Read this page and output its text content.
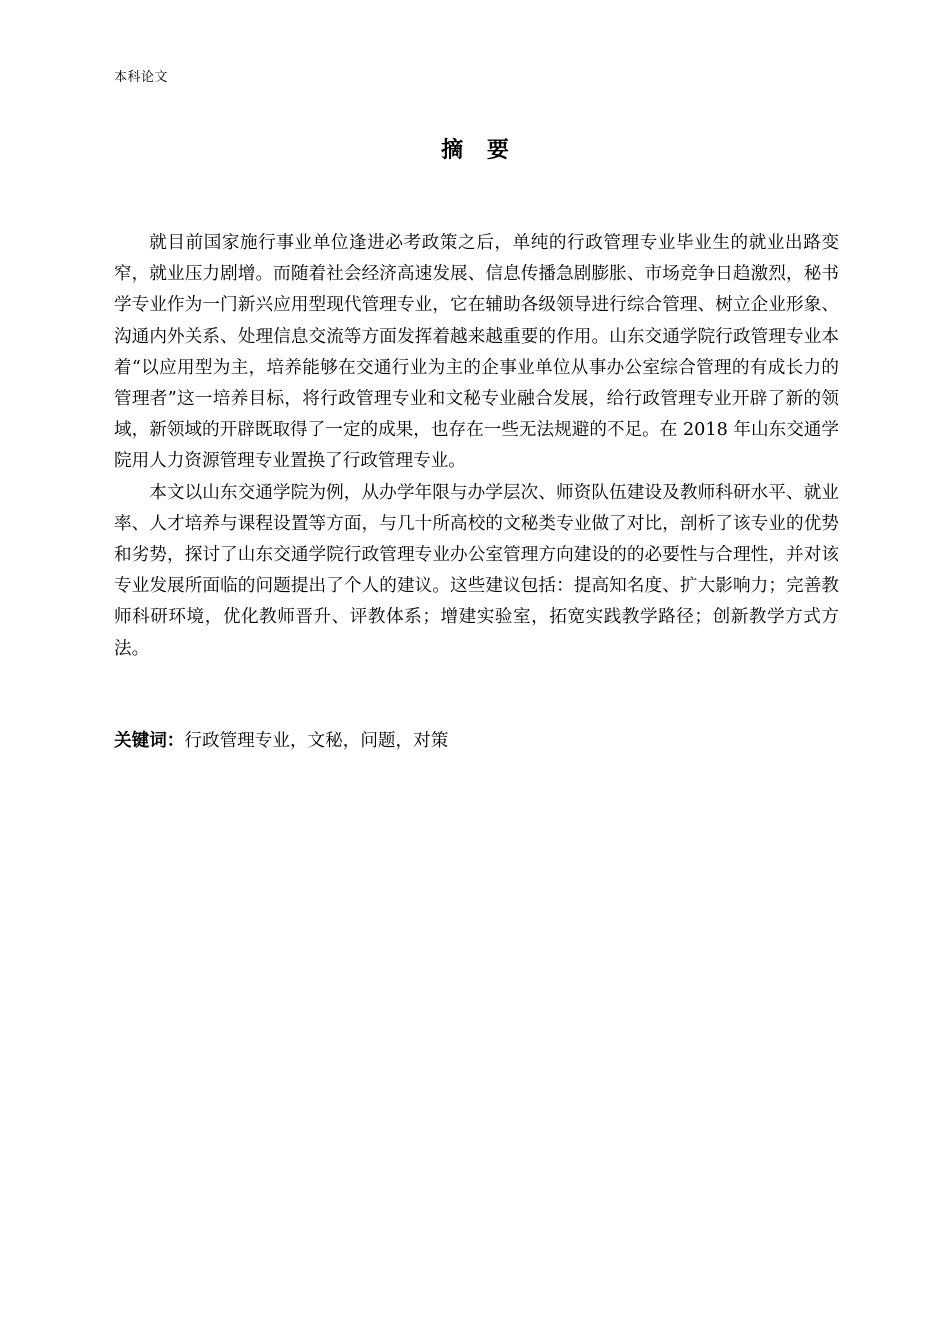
本科论文
摘 要

就目前国家施行事业单位逢进必考政策之后，单纯的行政管理专业毕业生的就业出路变窄，就业压力剧增。而随着社会经济高速发展、信息传播急剧膨胀、市场竞争日趋激烈，秘书学专业作为一门新兴应用型现代管理专业，它在辅助各级领导进行综合管理、树立企业形象、沟通内外关系、处理信息交流等方面发挥着越来越重要的作用。山东交通学院行政管理专业本着“以应用型为主，培养能够在交通行业为主的企事业单位从事办公室综合管理的有成长力的管理者”这一培养目标，将行政管理专业和文秘专业融合发展，给行政管理专业开辟了新的领域，新领域的开辟既取得了一定的成果，也存在一些无法规避的不足。在 2018 年山东交通学院用人力资源管理专业置换了行政管理专业。

本文以山东交通学院为例，从办学年限与办学层次、师资队伍建设及教师科研水平、就业率、人才培养与课程设置等方面，与几十所高校的文秘类专业做了对比，剖析了该专业的优势和劣势，探讨了山东交通学院行政管理专业办公室管理方向建设的的必要性与合理性，并对该专业发展所面临的问题提出了个人的建议。这些建议包括：提高知名度、扩大影响力；完善教师科研环境，优化教师晋升、评教体系；增建实验室，拓宽实践教学路径；创新教学方式方法。

关键词：行政管理专业，文秘，问题，对策
